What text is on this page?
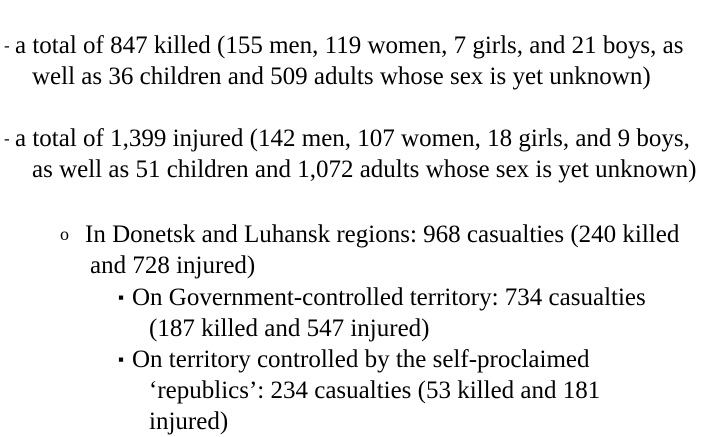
- a total of 847 killed (155 men, 119 women, 7 girls, and 21 boys, as well as 36 children and 509 adults whose sex is yet unknown)
- a total of 1,399 injured (142 men, 107 women, 18 girls, and 9 boys, as well as 51 children and 1,072 adults whose sex is yet unknown)
o In Donetsk and Luhansk regions: 968 casualties (240 killed and 728 injured)
▪ On Government-controlled territory: 734 casualties (187 killed and 547 injured)
▪ On territory controlled by the self-proclaimed ‘republics’: 234 casualties (53 killed and 181 injured)
